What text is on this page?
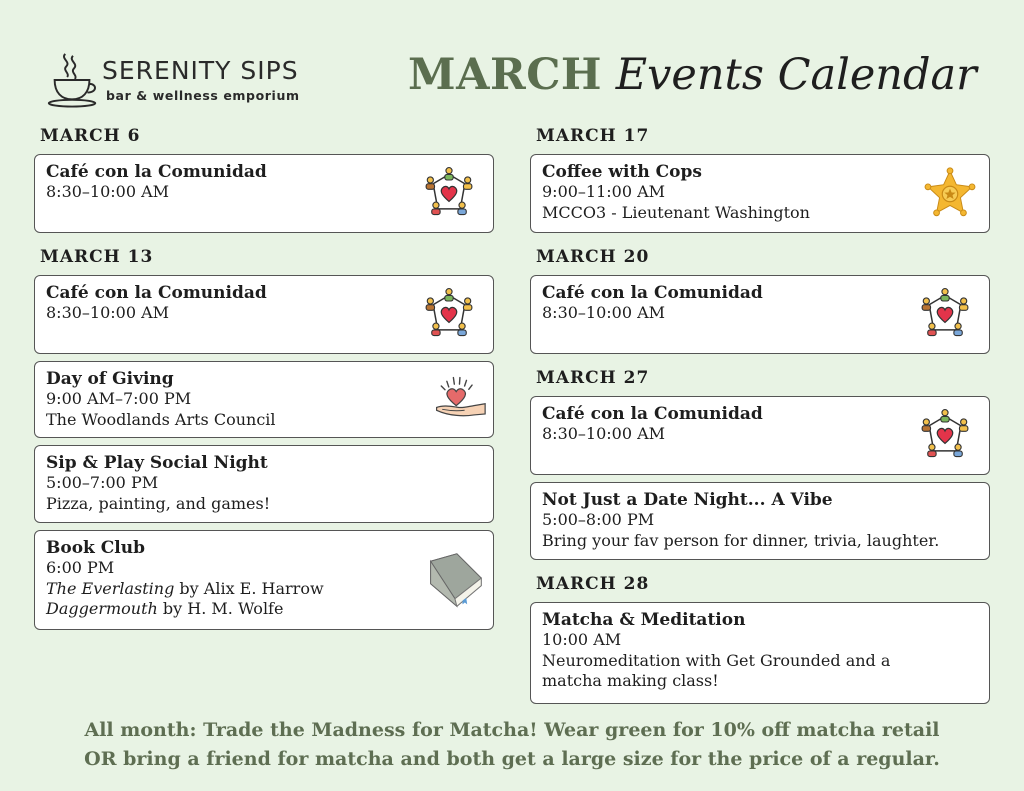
SERENITY SIPS
bar & wellness emporium	MARCH Events Calendar
MARCH 6
Café con la Comunidad
8:30–10:00 AM
MARCH 13
Café con la Comunidad
8:30–10:00 AM
Day of Giving
9:00 AM–7:00 PM
The Woodlands Arts Council
Sip & Play Social Night
5:00–7:00 PM
Pizza, painting, and games!
Book Club
6:00 PM
The Everlasting by Alix E. Harrow
Daggermouth by H. M. Wolfe
MARCH 17
Coffee with Cops
9:00–11:00 AM
MCCO3 - Lieutenant Washington
MARCH 20
Café con la Comunidad
8:30–10:00 AM
MARCH 27
Café con la Comunidad
8:30–10:00 AM
Not Just a Date Night... A Vibe
5:00–8:00 PM
Bring your fav person for dinner, trivia, laughter.
MARCH 28
Matcha & Meditation
10:00 AM
Neuromeditation with Get Grounded and a
matcha making class!
All month: Trade the Madness for Matcha! Wear green for 10% off matcha retail
OR bring a friend for matcha and both get a large size for the price of a regular.
